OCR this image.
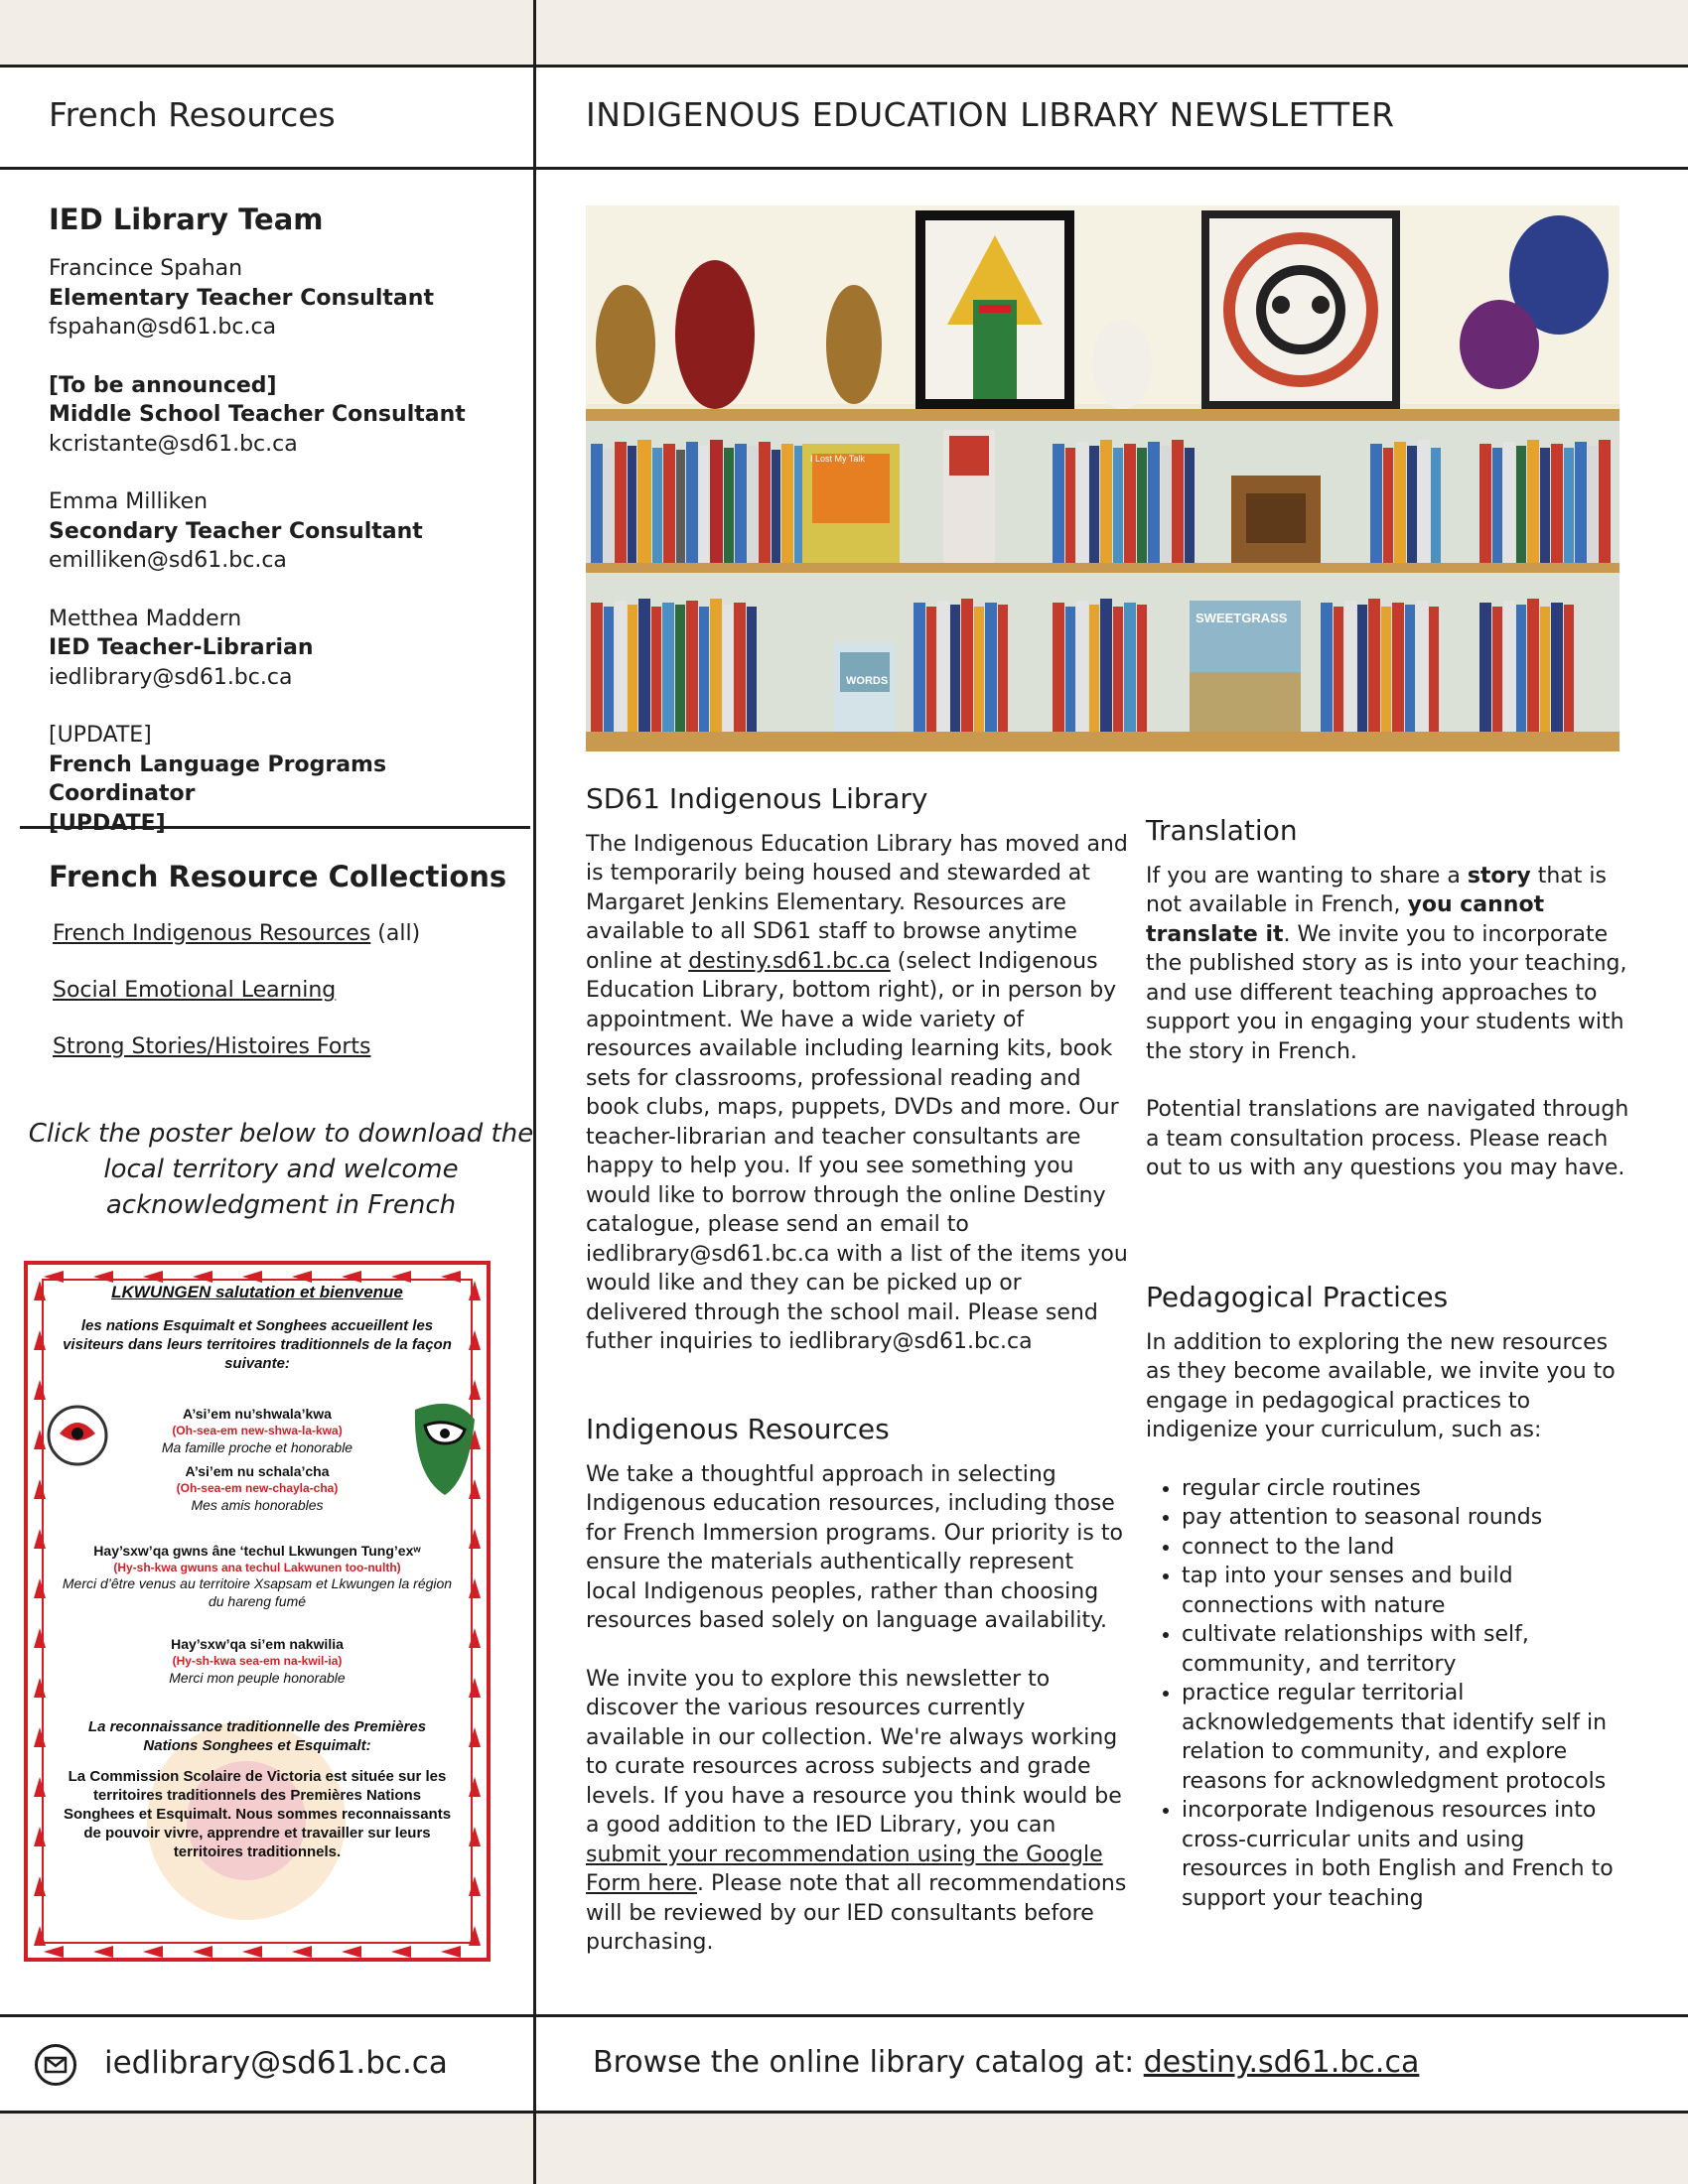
French Resources	INDIGENOUS EDUCATION LIBRARY NEWSLETTER
IED Library Team
Francince Spahan
Elementary Teacher Consultant
fspahan@sd61.bc.ca
[To be announced]
Middle School Teacher Consultant
kcristante@sd61.bc.ca
Emma Milliken
Secondary Teacher Consultant
emilliken@sd61.bc.ca
Metthea Maddern
IED Teacher-Librarian
iedlibrary@sd61.bc.ca
[UPDATE]
French Language Programs Coordinator
[UPDATE]
French Resource Collections
French Indigenous Resources (all)
Social Emotional Learning
Strong Stories/Histoires Forts
Click the poster below to download the local territory and welcome acknowledgment in French
LKWUNGEN salutation et bienvenue
les nations Esquimalt et Songhees accueillent les visiteurs dans leurs territoires traditionnels de la façon suivante:
A’si’em nu’shwala’kwa
(Oh-sea-em new-shwa-la-kwa)
Ma famille proche et honorable
A’si’em nu schala’cha
(Oh-sea-em new-chayla-cha)
Mes amis honorables
Hay’sxw’qa gwns âne ‘techul Lkwungen Tung’exʷ
(Hy-sh-kwa gwuns ana techul Lakwunen too-nulth)
Merci d’être venus au territoire Xsapsam et Lkwungen la région du hareng fumé
Hay’sxw’qa si’em nakwilia
(Hy-sh-kwa sea-em na-kwil-ia)
Merci mon peuple honorable
La reconnaissance traditionnelle des Premières Nations Songhees et Esquimalt:
La Commission Scolaire de Victoria est située sur les territoires traditionnels des Premières Nations Songhees et Esquimalt. Nous sommes reconnaissants de pouvoir vivre, apprendre et travailler sur leurs territoires traditionnels.
I Lost My Talk
SWEETGRASS
WORDS
SD61 Indigenous Library

The Indigenous Education Library has moved and is temporarily being housed and stewarded at Margaret Jenkins Elementary. Resources are available to all SD61 staff to browse anytime online at destiny.sd61.bc.ca (select Indigenous Education Library, bottom right), or in person by appointment. We have a wide variety of resources available including learning kits, book sets for classrooms, professional reading and book clubs, maps, puppets, DVDs and more. Our teacher-librarian and teacher consultants are happy to help you. If you see something you would like to borrow through the online Destiny catalogue, please send an email to iedlibrary@sd61.bc.ca with a list of the items you would like and they can be picked up or delivered through the school mail. Please send futher inquiries to iedlibrary@sd61.bc.ca

Indigenous Resources

We take a thoughtful approach in selecting Indigenous education resources, including those for French Immersion programs. Our priority is to ensure the materials authentically represent local Indigenous peoples, rather than choosing resources based solely on language availability.

We invite you to explore this newsletter to discover the various resources currently available in our collection. We're always working to curate resources across subjects and grade levels. If you have a resource you think would be a good addition to the IED Library, you can submit your recommendation using the Google Form here. Please note that all recommendations will be reviewed by our IED consultants before purchasing.

Translation

If you are wanting to share a story that is not available in French, you cannot translate it. We invite you to incorporate the published story as is into your teaching, and use different teaching approaches to support you in engaging your students with the story in French.

Potential translations are navigated through a team consultation process. Please reach out to us with any questions you may have.

Pedagogical Practices

In addition to exploring the new resources as they become available, we invite you to engage in pedagogical practices to indigenize your curriculum, such as:

• regular circle routines
• pay attention to seasonal rounds
• connect to the land
• tap into your senses and build connections with nature
• cultivate relationships with self, community, and territory
• practice regular territorial acknowledgements that identify self in relation to community, and explore reasons for acknowledgment protocols
• incorporate Indigenous resources into cross-curricular units and using resources in both English and French to support your teaching
iedlibrary@sd61.bc.ca	Browse the online library catalog at: destiny.sd61.bc.ca
